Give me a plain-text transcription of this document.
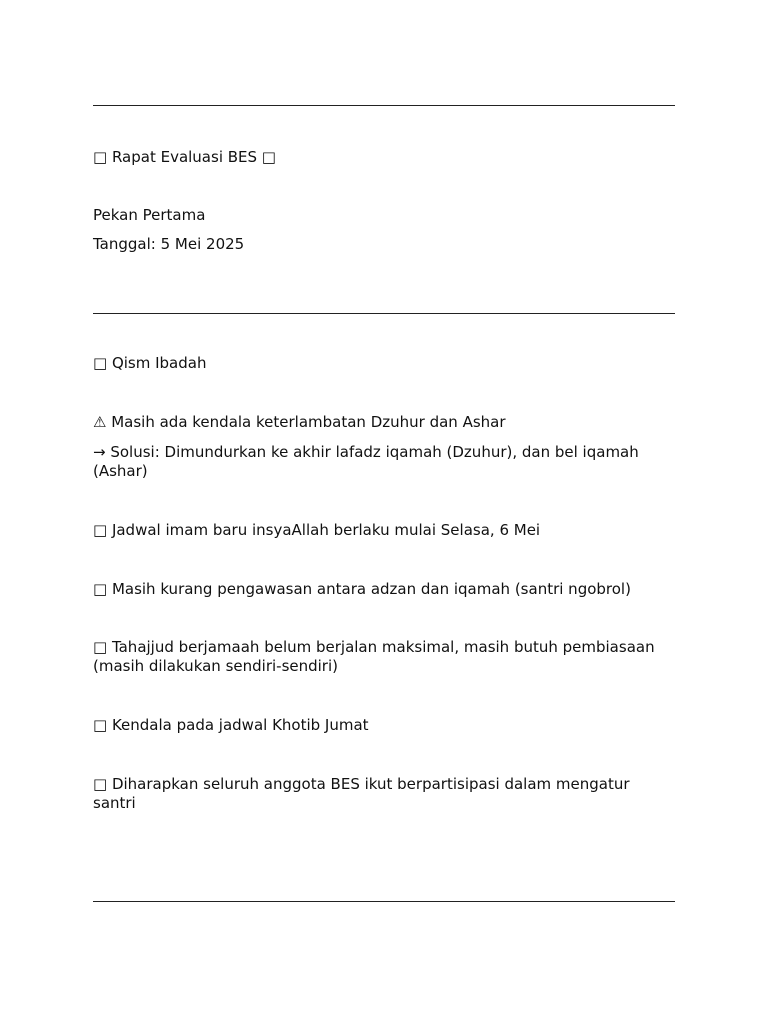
□ Rapat Evaluasi BES □
Pekan Pertama
Tanggal: 5 Mei 2025
□ Qism Ibadah
⚠ Masih ada kendala keterlambatan Dzuhur dan Ashar
→ Solusi: Dimundurkan ke akhir lafadz iqamah (Dzuhur), dan bel iqamah (Ashar)
□ Jadwal imam baru insyaAllah berlaku mulai Selasa, 6 Mei
□ Masih kurang pengawasan antara adzan dan iqamah (santri ngobrol)
□ Tahajjud berjamaah belum berjalan maksimal, masih butuh pembiasaan (masih dilakukan sendiri-sendiri)
□ Kendala pada jadwal Khotib Jumat
□ Diharapkan seluruh anggota BES ikut berpartisipasi dalam mengatur santri
